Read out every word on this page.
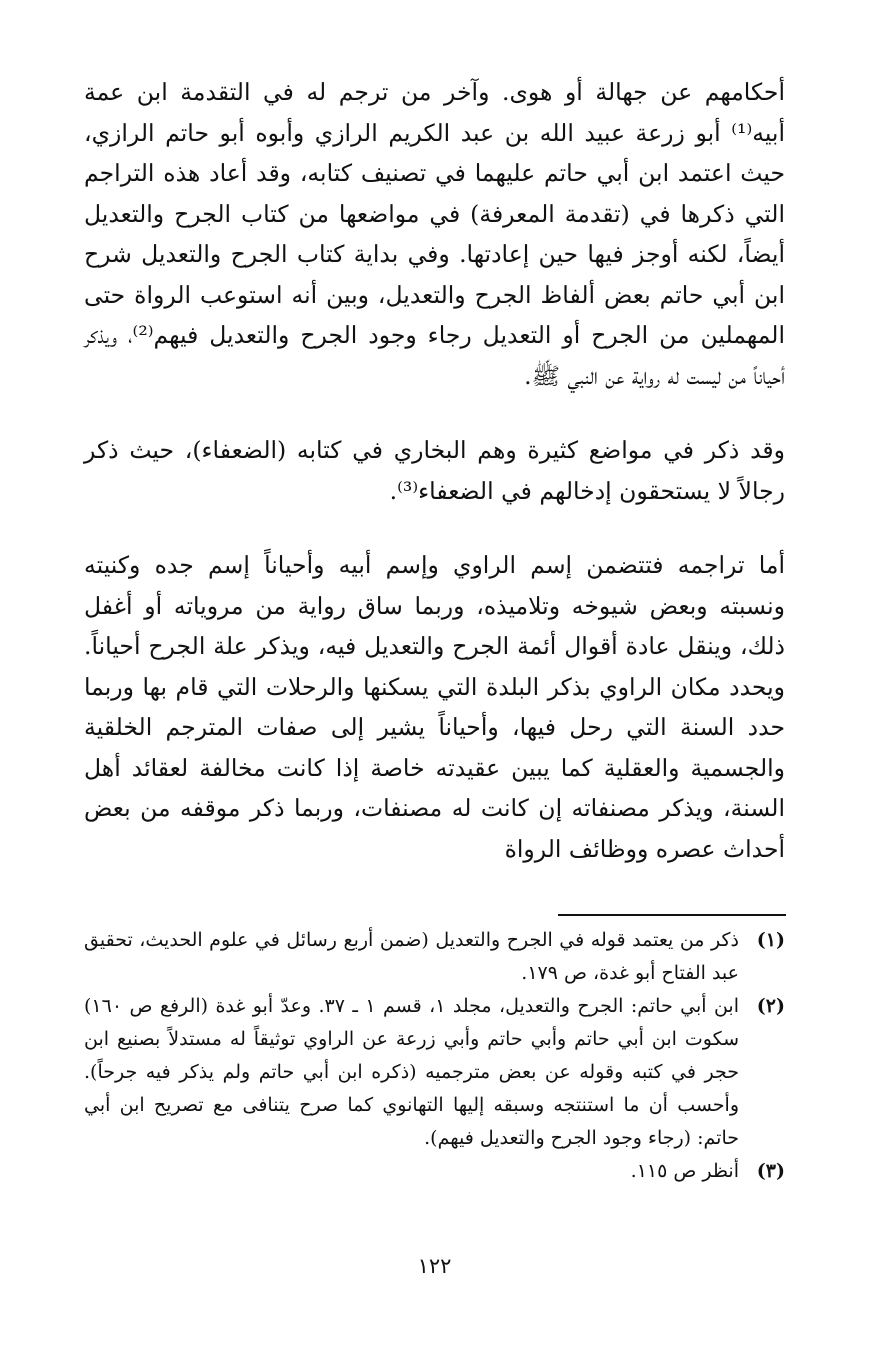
أحكامهم عن جهالة أو هوى. وآخر من ترجم له في التقدمة ابن عمة أبيه⁽¹⁾ أبو زرعة عبيد الله بن عبد الكريم الرازي وأبوه أبو حاتم الرازي، حيث اعتمد ابن أبي حاتم عليهما في تصنيف كتابه، وقد أعاد هذه التراجم التي ذكرها في (تقدمة المعرفة) في مواضعها من كتاب الجرح والتعديل أيضاً، لكنه أوجز فيها حين إعادتها. وفي بداية كتاب الجرح والتعديل شرح ابن أبي حاتم بعض ألفاظ الجرح والتعديل، وبين أنه استوعب الرواة حتى المهملين من الجرح أو التعديل رجاء وجود الجرح والتعديل فيهم⁽²⁾، ويذكر أحياناً من ليست له رواية عن النبي ﷺ.

وقد ذكر في مواضع كثيرة وهم البخاري في كتابه (الضعفاء)، حيث ذكر رجالاً لا يستحقون إدخالهم في الضعفاء⁽³⁾.

أما تراجمه فتتضمن إسم الراوي وإسم أبيه وأحياناً إسم جده وكنيته ونسبته وبعض شيوخه وتلاميذه، وربما ساق رواية من مروياته أو أغفل ذلك، وينقل عادة أقوال أئمة الجرح والتعديل فيه، ويذكر علة الجرح أحياناً. ويحدد مكان الراوي بذكر البلدة التي يسكنها والرحلات التي قام بها وربما حدد السنة التي رحل فيها، وأحياناً يشير إلى صفات المترجم الخلقية والجسمية والعقلية كما يبين عقيدته خاصة إذا كانت مخالفة لعقائد أهل السنة، ويذكر مصنفاته إن كانت له مصنفات، وربما ذكر موقفه من بعض أحداث عصره ووظائف الرواة

(١)
ذكر من يعتمد قوله في الجرح والتعديل (ضمن أربع رسائل في علوم الحديث، تحقيق عبد الفتاح أبو غدة، ص ١٧٩.
(٢)
ابن أبي حاتم: الجرح والتعديل، مجلد ١، قسم ١ ـ ٣٧. وعدّ أبو غدة (الرفع ص ١٦٠) سكوت ابن أبي حاتم وأبي حاتم وأبي زرعة عن الراوي توثيقاً له مستدلاً بصنيع ابن حجر في كتبه وقوله عن بعض مترجميه (ذكره ابن أبي حاتم ولم يذكر فيه جرحاً). وأحسب أن ما استنتجه وسبقه إليها التهانوي كما صرح يتنافى مع تصريح ابن أبي حاتم: (رجاء وجود الجرح والتعديل فيهم).
(٣)
أنظر ص ١١٥.
١٢٢
